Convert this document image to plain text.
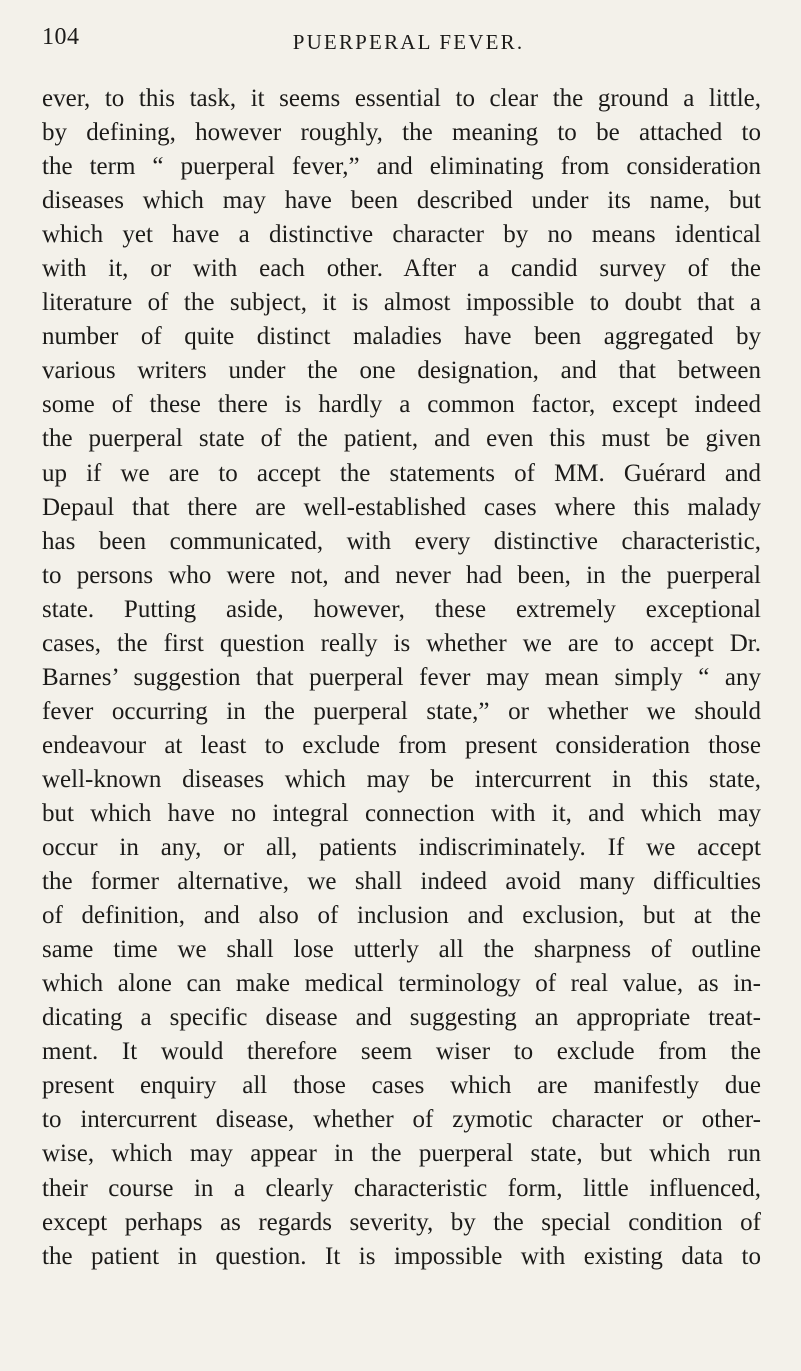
104	PUERPERAL FEVER.
ever, to this task, it seems essential to clear the ground a little,
by defining, however roughly, the meaning to be attached to
the term “ puerperal fever,” and eliminating from consideration
diseases which may have been described under its name, but
which yet have a distinctive character by no means identical
with it, or with each other. After a candid survey of the
literature of the subject, it is almost impossible to doubt that a
number of quite distinct maladies have been aggregated by
various writers under the one designation, and that between
some of these there is hardly a common factor, except indeed
the puerperal state of the patient, and even this must be given
up if we are to accept the statements of MM. Guérard and
Depaul that there are well-established cases where this malady
has been communicated, with every distinctive characteristic,
to persons who were not, and never had been, in the puerperal
state. Putting aside, however, these extremely exceptional
cases, the first question really is whether we are to accept Dr.
Barnes’ suggestion that puerperal fever may mean simply “ any
fever occurring in the puerperal state,” or whether we should
endeavour at least to exclude from present consideration those
well-known diseases which may be intercurrent in this state,
but which have no integral connection with it, and which may
occur in any, or all, patients indiscriminately. If we accept
the former alternative, we shall indeed avoid many difficulties
of definition, and also of inclusion and exclusion, but at the
same time we shall lose utterly all the sharpness of outline
which alone can make medical terminology of real value, as in-
dicating a specific disease and suggesting an appropriate treat-
ment. It would therefore seem wiser to exclude from the
present enquiry all those cases which are manifestly due
to intercurrent disease, whether of zymotic character or other-
wise, which may appear in the puerperal state, but which run
their course in a clearly characteristic form, little influenced,
except perhaps as regards severity, by the special condition of
the patient in question. It is impossible with existing data to
